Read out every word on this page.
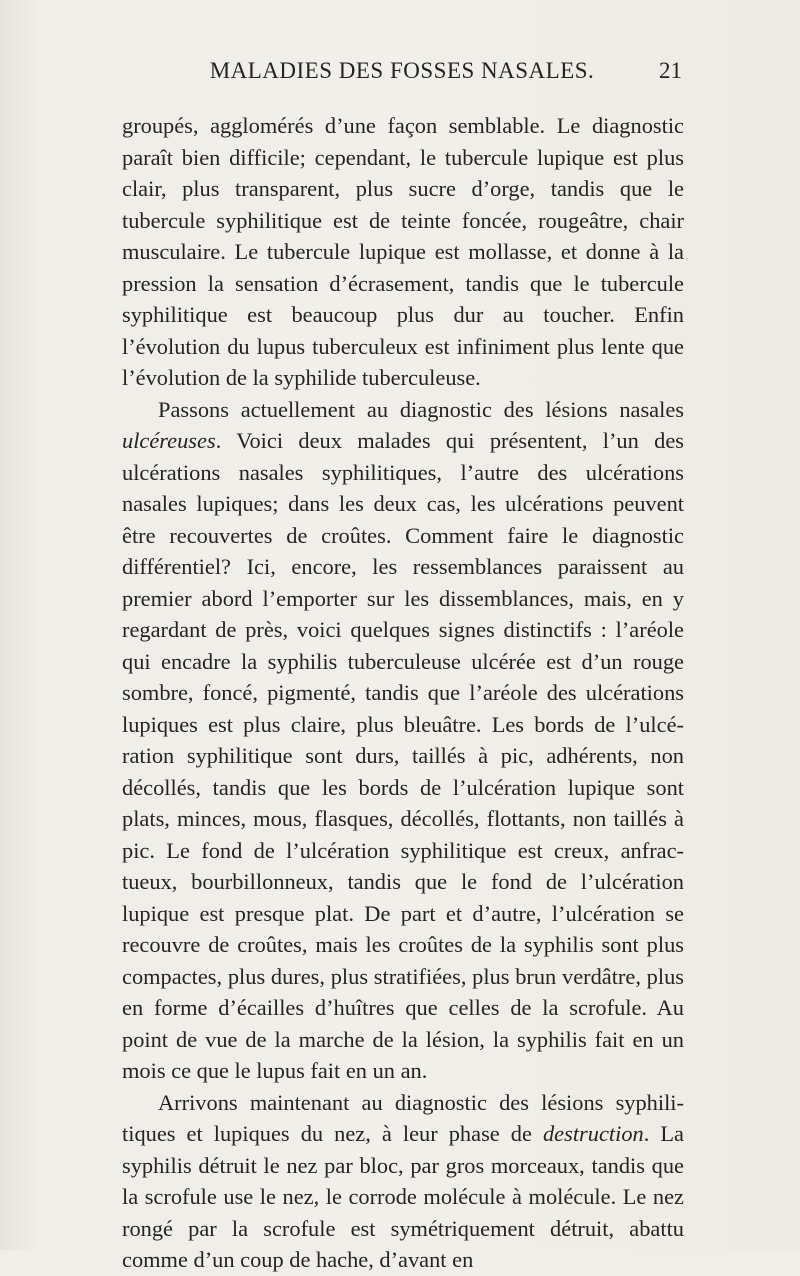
MALADIES DES FOSSES NASALES.	21

groupés, agglomérés d’une façon semblable. Le diagnostic paraît bien difficile; cependant, le tubercule lupique est plus clair, plus transparent, plus sucre d’orge, tandis que le tubercule syphilitique est de teinte foncée, rougeâtre, chair musculaire. Le tubercule lupique est mollasse, et donne à la pression la sensation d’écrasement, tandis que le tubercule syphilitique est beaucoup plus dur au toucher. Enfin l’évolution du lupus tuberculeux est infiniment plus lente que l’évolution de la syphilide tuberculeuse.

Passons actuellement au diagnostic des lésions nasales ulcéreuses. Voici deux malades qui présentent, l’un des ulcérations nasales syphilitiques, l’autre des ulcérations nasales lupiques; dans les deux cas, les ulcérations peuvent être recouvertes de croûtes. Comment faire le diagnostic différentiel? Ici, encore, les ressemblances paraissent au premier abord l’emporter sur les dissemblances, mais, en y regardant de près, voici quelques signes distinctifs : l’aréole qui encadre la syphilis tuberculeuse ulcérée est d’un rouge sombre, foncé, pigmenté, tandis que l’aréole des ulcérations lupiques est plus claire, plus bleuâtre. Les bords de l’ulcération syphilitique sont durs, taillés à pic, adhérents, non décollés, tandis que les bords de l’ulcération lupique sont plats, minces, mous, flasques, décollés, flottants, non taillés à pic. Le fond de l’ulcération syphilitique est creux, anfractueux, bourbillonneux, tandis que le fond de l’ulcération lupique est presque plat. De part et d’autre, l’ulcération se recouvre de croûtes, mais les croûtes de la syphilis sont plus compactes, plus dures, plus stratifiées, plus brun verdâtre, plus en forme d’écailles d’huîtres que celles de la scrofule. Au point de vue de la marche de la lésion, la syphilis fait en un mois ce que le lupus fait en un an.

Arrivons maintenant au diagnostic des lésions syphilitiques et lupiques du nez, à leur phase de destruction. La syphilis détruit le nez par bloc, par gros morceaux, tandis que la scrofule use le nez, le corrode molécule à molécule. Le nez rongé par la scrofule est symétriquement détruit, abattu comme d’un coup de hache, d’avant en
